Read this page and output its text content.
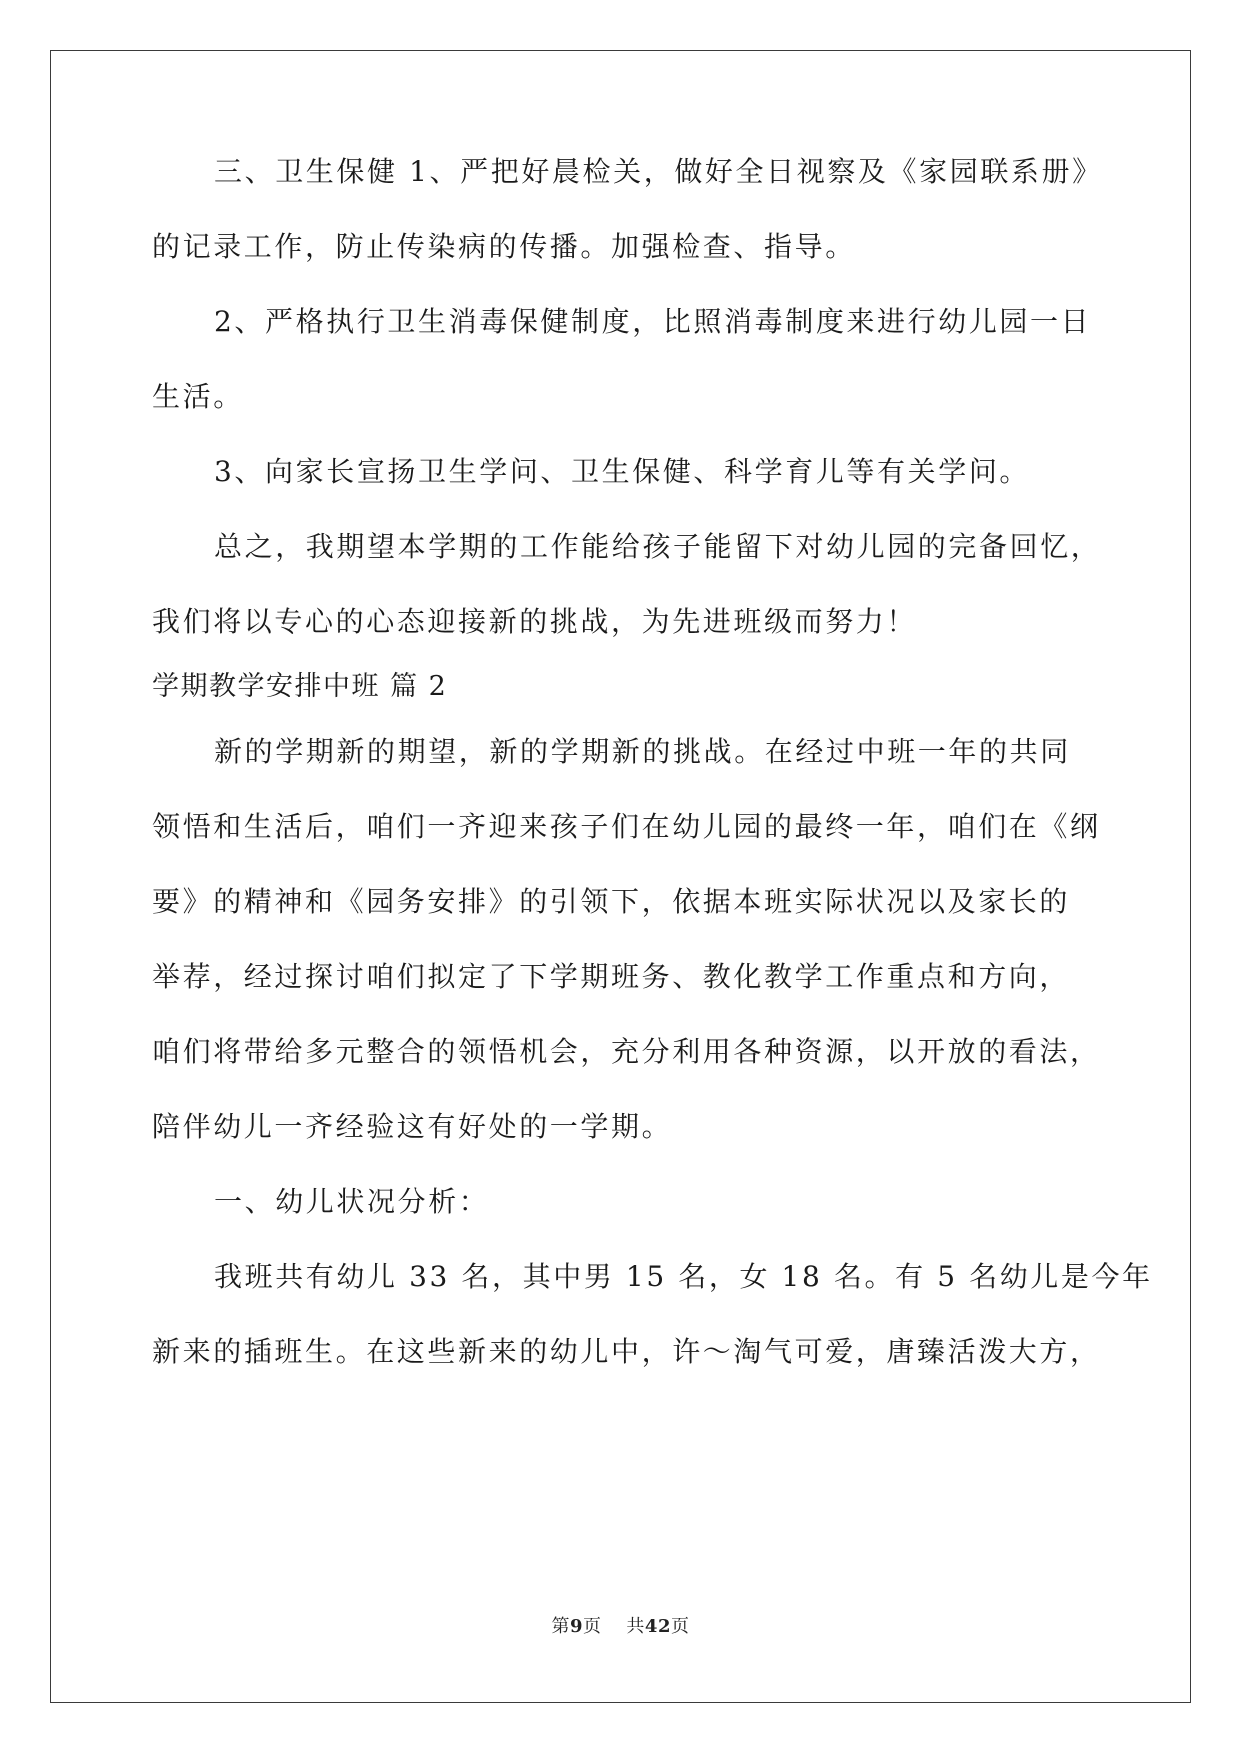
三、卫生保健 1、严把好晨检关，做好全日视察及《家园联系册》
的记录工作，防止传染病的传播。加强检查、指导。
2、严格执行卫生消毒保健制度，比照消毒制度来进行幼儿园一日
生活。
3、向家长宣扬卫生学问、卫生保健、科学育儿等有关学问。
总之，我期望本学期的工作能给孩子能留下对幼儿园的完备回忆，
我们将以专心的心态迎接新的挑战，为先进班级而努力！
学期教学安排中班 篇 2
新的学期新的期望，新的学期新的挑战。在经过中班一年的共同
领悟和生活后，咱们一齐迎来孩子们在幼儿园的最终一年，咱们在《纲
要》的精神和《园务安排》的引领下，依据本班实际状况以及家长的
举荐，经过探讨咱们拟定了下学期班务、教化教学工作重点和方向，
咱们将带给多元整合的领悟机会，充分利用各种资源，以开放的看法，
陪伴幼儿一齐经验这有好处的一学期。
一、幼儿状况分析：
我班共有幼儿 33 名，其中男 15 名，女 18 名。有 5 名幼儿是今年
新来的插班生。在这些新来的幼儿中，许～淘气可爱，唐臻活泼大方，
第9页 共42页
